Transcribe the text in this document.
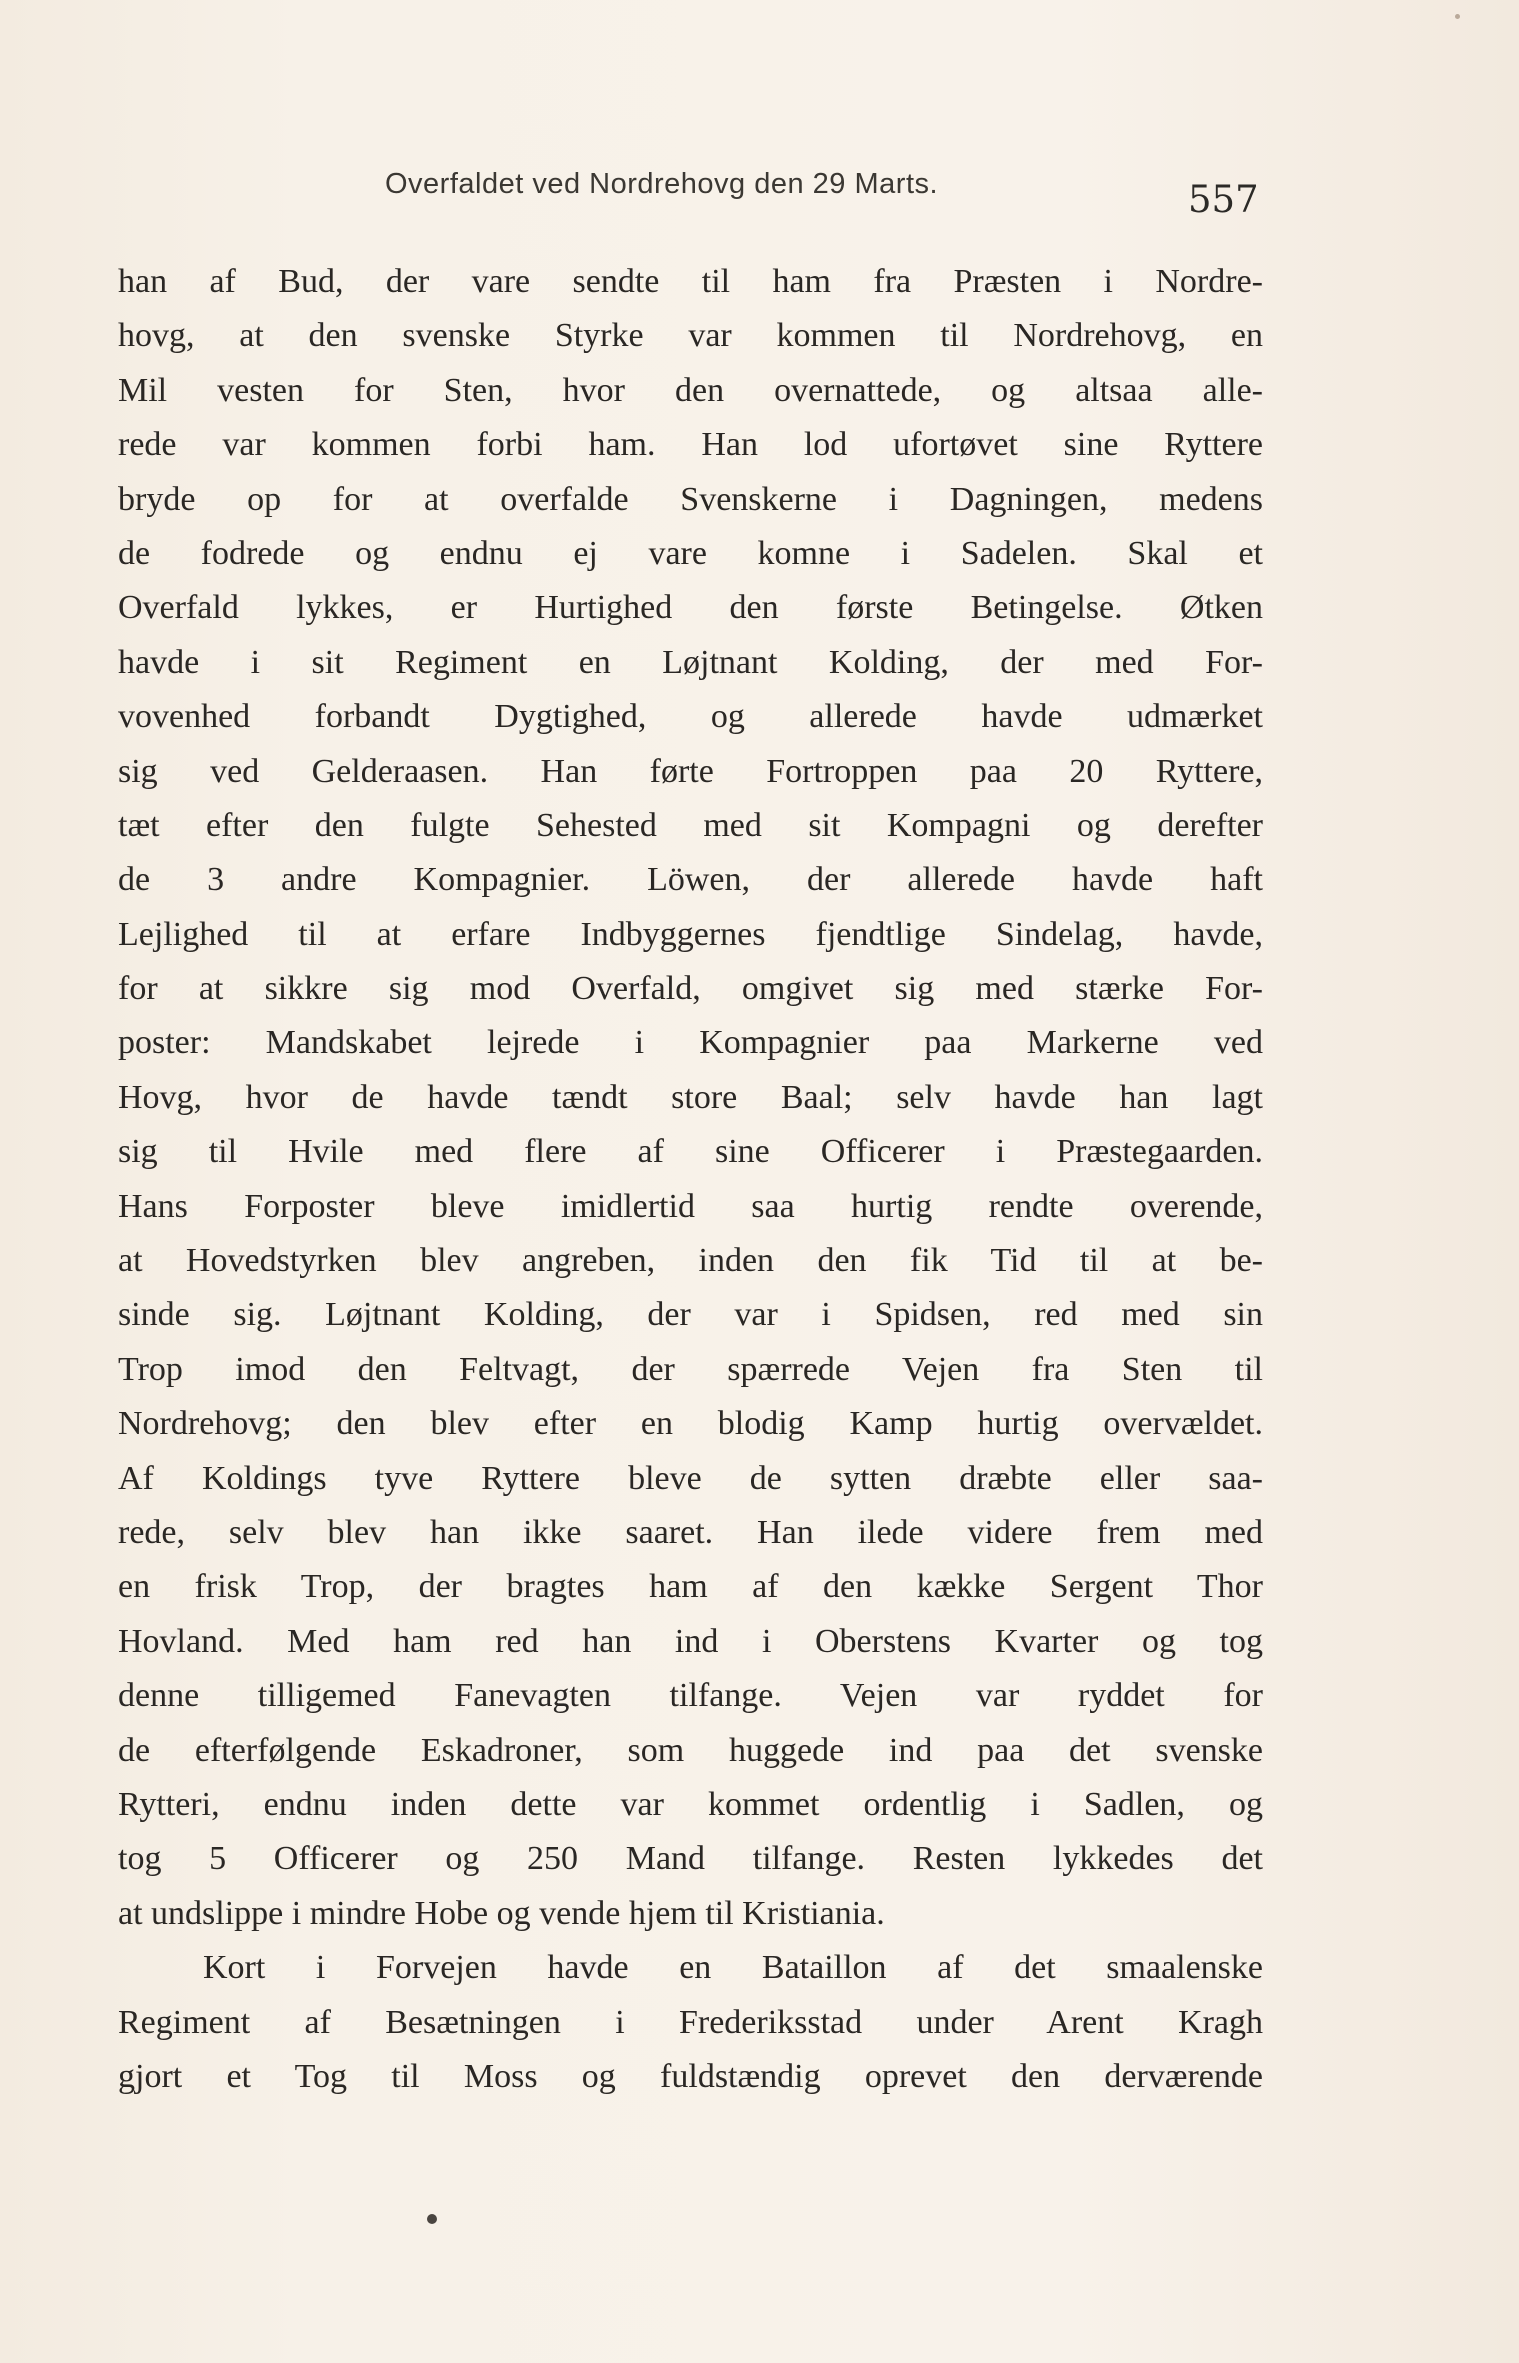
Overfaldet ved Nordrehovg den 29 Marts.	557
han af Bud, der vare sendte til ham fra Præsten i Nordre-
hovg, at den svenske Styrke var kommen til Nordrehovg, en
Mil vesten for Sten, hvor den overnattede, og altsaa alle-
rede var kommen forbi ham. Han lod ufortøvet sine Ryttere
bryde op for at overfalde Svenskerne i Dagningen, medens
de fodrede og endnu ej vare komne i Sadelen. Skal et
Overfald lykkes, er Hurtighed den første Betingelse. Øtken
havde i sit Regiment en Løjtnant Kolding, der med For-
vovenhed forbandt Dygtighed, og allerede havde udmærket
sig ved Gelderaasen. Han førte Fortroppen paa 20 Ryttere,
tæt efter den fulgte Sehested med sit Kompagni og derefter
de 3 andre Kompagnier. Löwen, der allerede havde haft
Lejlighed til at erfare Indbyggernes fjendtlige Sindelag, havde,
for at sikkre sig mod Overfald, omgivet sig med stærke For-
poster: Mandskabet lejrede i Kompagnier paa Markerne ved
Hovg, hvor de havde tændt store Baal; selv havde han lagt
sig til Hvile med flere af sine Officerer i Præstegaarden.
Hans Forposter bleve imidlertid saa hurtig rendte overende,
at Hovedstyrken blev angreben, inden den fik Tid til at be-
sinde sig. Løjtnant Kolding, der var i Spidsen, red med sin
Trop imod den Feltvagt, der spærrede Vejen fra Sten til
Nordrehovg; den blev efter en blodig Kamp hurtig overvældet.
Af Koldings tyve Ryttere bleve de sytten dræbte eller saa-
rede, selv blev han ikke saaret. Han ilede videre frem med
en frisk Trop, der bragtes ham af den kække Sergent Thor
Hovland. Med ham red han ind i Oberstens Kvarter og tog
denne tilligemed Fanevagten tilfange. Vejen var ryddet for
de efterfølgende Eskadroner, som huggede ind paa det svenske
Rytteri, endnu inden dette var kommet ordentlig i Sadlen, og
tog 5 Officerer og 250 Mand tilfange. Resten lykkedes det
at undslippe i mindre Hobe og vende hjem til Kristiania.
Kort i Forvejen havde en Bataillon af det smaalenske
Regiment af Besætningen i Frederiksstad under Arent Kragh
gjort et Tog til Moss og fuldstændig oprevet den derværende
